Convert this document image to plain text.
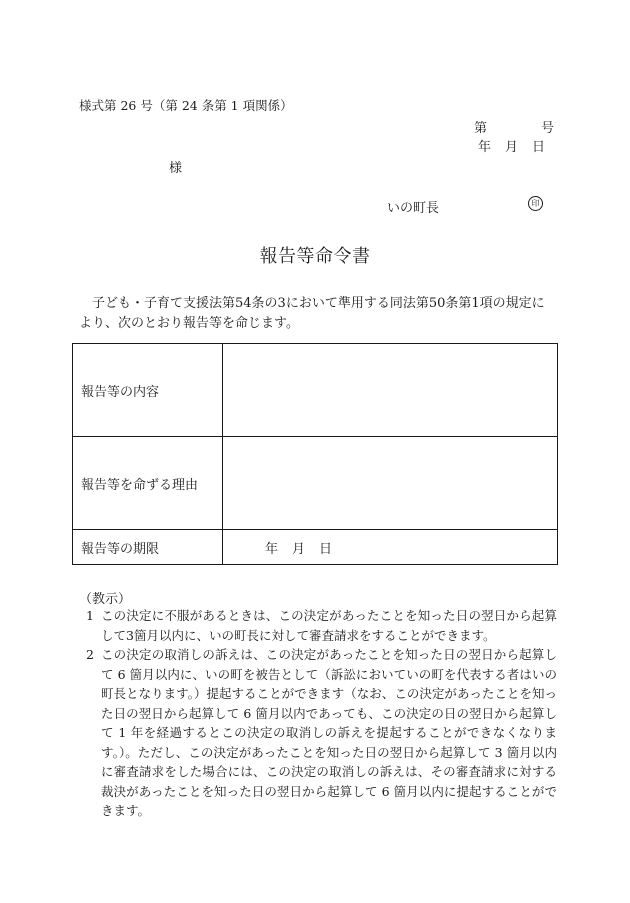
様式第 26 号（第 24 条第 1 項関係）
第	号
年 月 日
様
いの町長	印
報告等命令書
子ども・子育て支援法第54条の3において準用する同法第50条第1項の規定により、次のとおり報告等を命じます。
報告等の内容	
報告等を命ずる理由	
報告等の期限	年 月 日
（教示）
1 この決定に不服があるときは、この決定があったことを知った日の翌日から起算して3箇月以内に、いの町長に対して審査請求をすることができます。
2 この決定の取消しの訴えは、この決定があったことを知った日の翌日から起算して 6 箇月以内に、いの町を被告として（訴訟においていの町を代表する者はいの町長となります。）提起することができます（なお、この決定があったことを知った日の翌日から起算して 6 箇月以内であっても、この決定の日の翌日から起算して 1 年を経過するとこの決定の取消しの訴えを提起することができなくなります。）。ただし、この決定があったことを知った日の翌日から起算して 3 箇月以内に審査請求をした場合には、この決定の取消しの訴えは、その審査請求に対する裁決があったことを知った日の翌日から起算して 6 箇月以内に提起することができます。
